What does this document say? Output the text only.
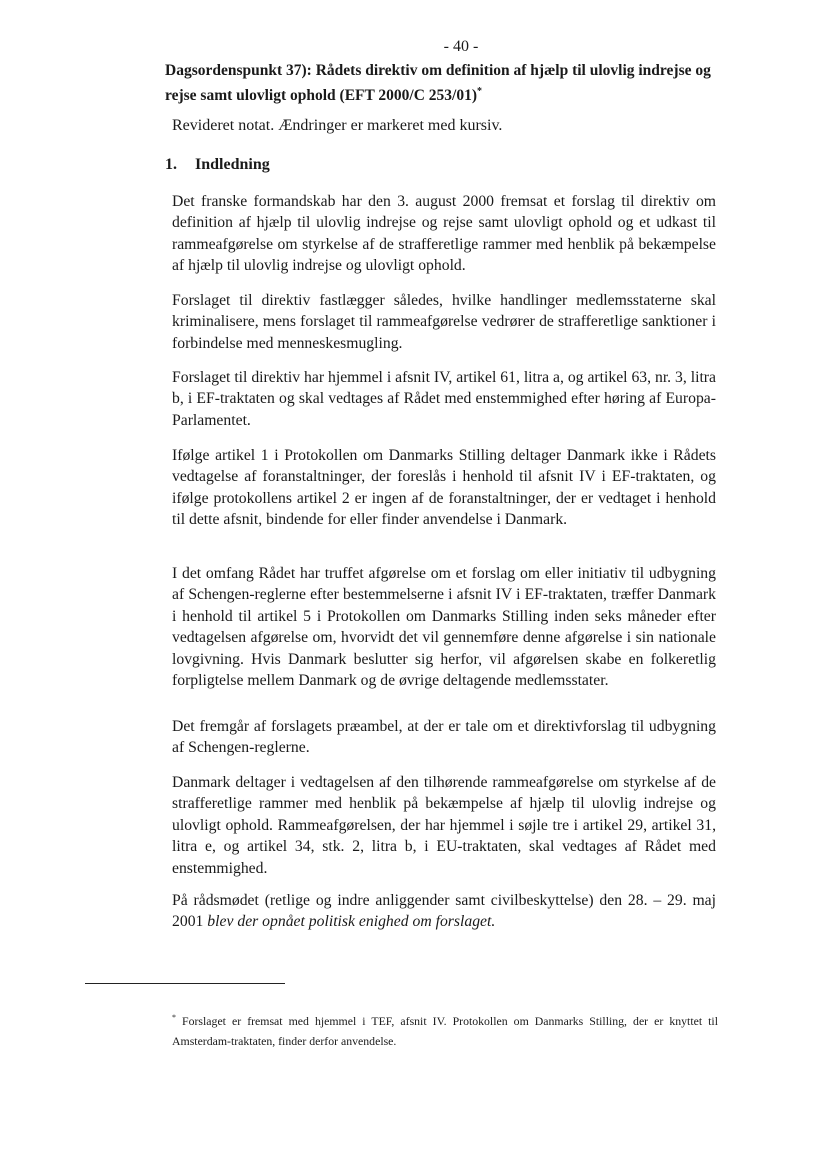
- 40 -

Dagsordenspunkt 37): Rådets direktiv om definition af hjælp til ulovlig indrejse og rejse samt ulovligt ophold (EFT 2000/C 253/01)*

Revideret notat. Ændringer er markeret med kursiv.

1. Indledning

Det franske formandskab har den 3. august 2000 fremsat et forslag til direktiv om definition af hjælp til ulovlig indrejse og rejse samt ulovligt ophold og et udkast til rammeafgørelse om styrkelse af de strafferetlige rammer med henblik på bekæmpelse af hjælp til ulovlig indrejse og ulovligt ophold.

Forslaget til direktiv fastlægger således, hvilke handlinger medlemsstaterne skal kriminalisere, mens forslaget til rammeafgørelse vedrører de strafferetlige sanktioner i forbindelse med menneskesmugling.

Forslaget til direktiv har hjemmel i afsnit IV, artikel 61, litra a, og artikel 63, nr. 3, litra b, i EF-traktaten og skal vedtages af Rådet med enstemmighed efter høring af Europa-Parlamentet.

Ifølge artikel 1 i Protokollen om Danmarks Stilling deltager Danmark ikke i Rådets vedtagelse af foranstaltninger, der foreslås i henhold til afsnit IV i EF-traktaten, og ifølge protokollens artikel 2 er ingen af de foranstaltninger, der er vedtaget i henhold til dette afsnit, bindende for eller finder anvendelse i Danmark.

I det omfang Rådet har truffet afgørelse om et forslag om eller initiativ til udbygning af Schengen-reglerne efter bestemmelserne i afsnit IV i EF-traktaten, træffer Danmark i henhold til artikel 5 i Protokollen om Danmarks Stilling inden seks måneder efter vedtagelsen afgørelse om, hvorvidt det vil gennemføre denne afgørelse i sin nationale lovgivning. Hvis Danmark beslutter sig herfor, vil afgørelsen skabe en folkeretlig forpligtelse mellem Danmark og de øvrige deltagende medlemsstater.

Det fremgår af forslagets præambel, at der er tale om et direktivforslag til udbygning af Schengen-reglerne.

Danmark deltager i vedtagelsen af den tilhørende rammeafgørelse om styrkelse af de strafferetlige rammer med henblik på bekæmpelse af hjælp til ulovlig indrejse og ulovligt ophold. Rammeafgørelsen, der har hjemmel i søjle tre i artikel 29, artikel 31, litra e, og artikel 34, stk. 2, litra b, i EU-traktaten, skal vedtages af Rådet med enstemmighed.

På rådsmødet (retlige og indre anliggender samt civilbeskyttelse) den 28. – 29. maj 2001 blev der opnået politisk enighed om forslaget.

* Forslaget er fremsat med hjemmel i TEF, afsnit IV. Protokollen om Danmarks Stilling, der er knyttet til Amsterdam-traktaten, finder derfor anvendelse.
